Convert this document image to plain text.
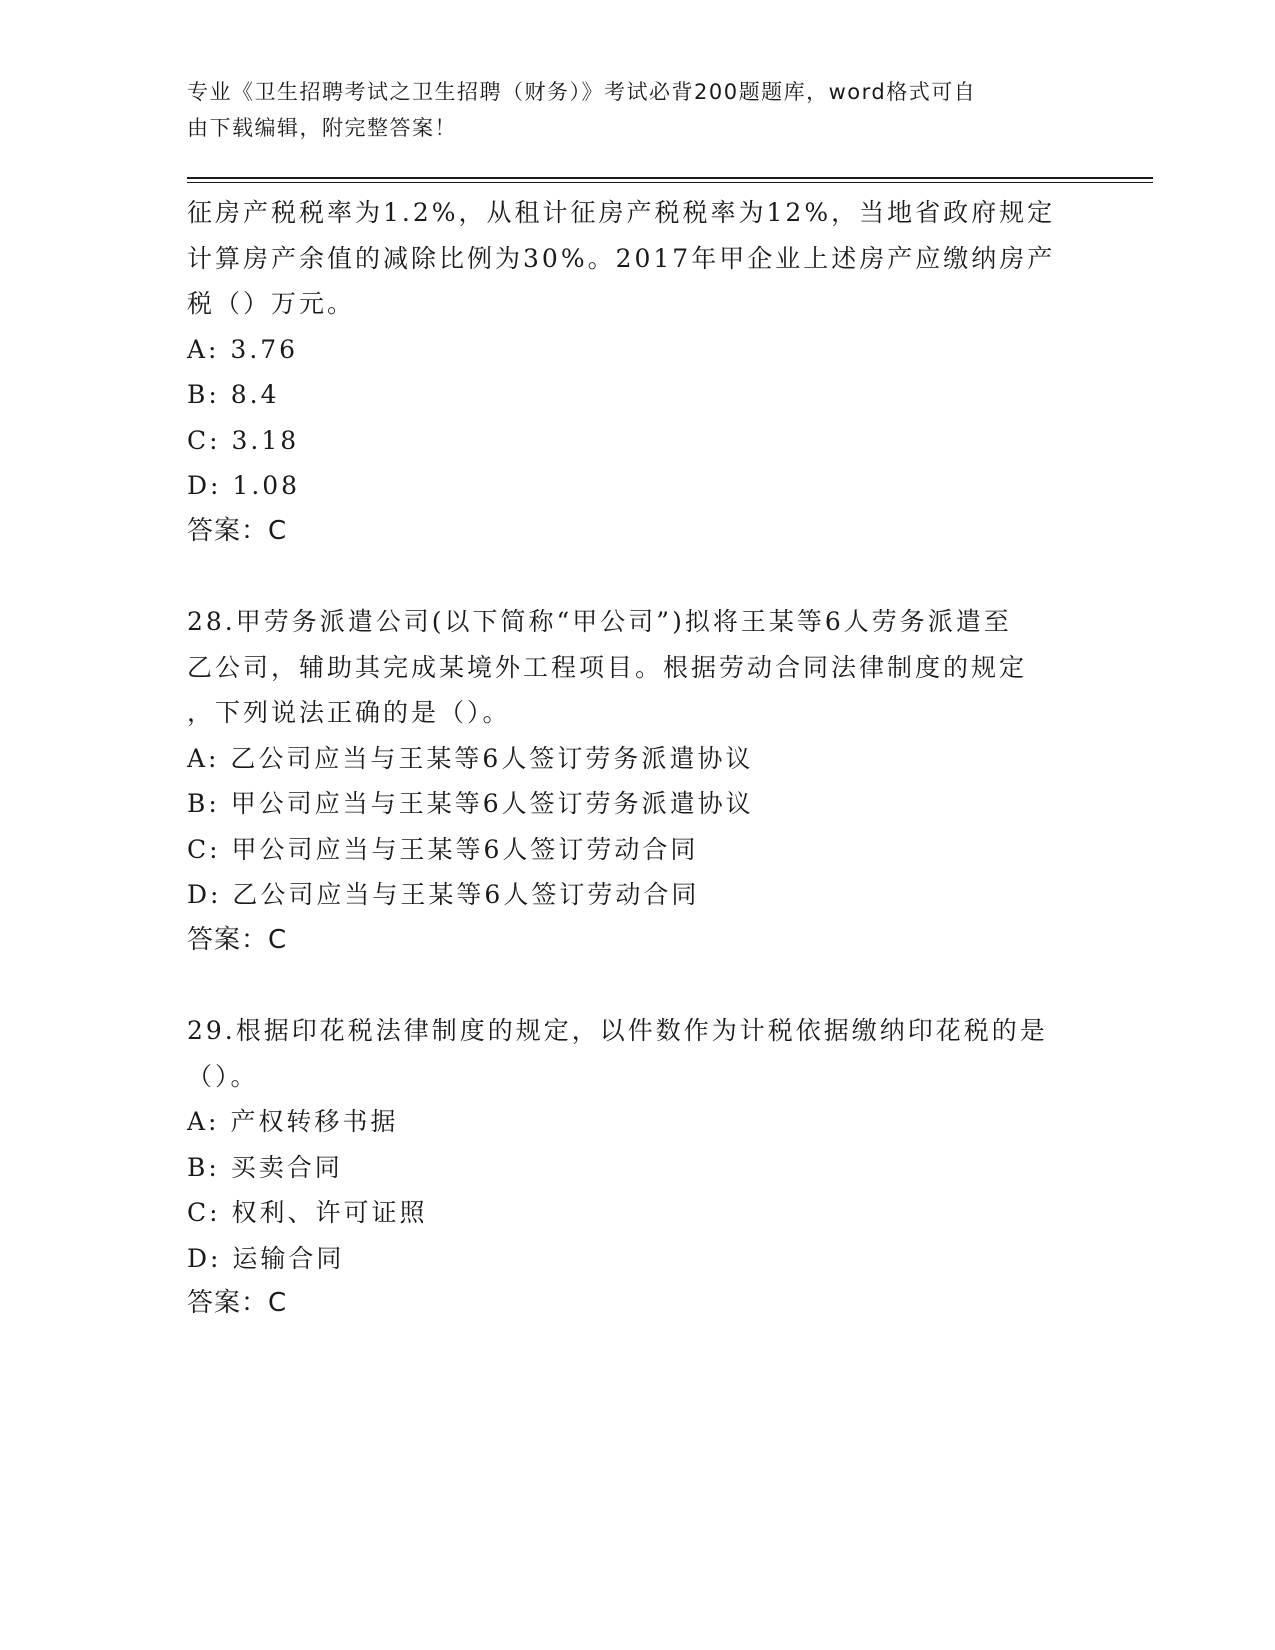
专业《卫生招聘考试之卫生招聘（财务）》考试必背200题题库，word格式可自
由下载编辑，附完整答案！
征房产税税率为1.2%，从租计征房产税税率为12%，当地省政府规定
计算房产余值的减除比例为30%。2017年甲企业上述房产应缴纳房产
税（）万元。
A: 3.76
B: 8.4
C: 3.18
D: 1.08
答案：C
28.甲劳务派遣公司(以下简称“甲公司”)拟将王某等6人劳务派遣至
乙公司，辅助其完成某境外工程项目。根据劳动合同法律制度的规定
，下列说法正确的是（）。
A: 乙公司应当与王某等6人签订劳务派遣协议
B: 甲公司应当与王某等6人签订劳务派遣协议
C: 甲公司应当与王某等6人签订劳动合同
D: 乙公司应当与王某等6人签订劳动合同
答案：C
29.根据印花税法律制度的规定，以件数作为计税依据缴纳印花税的是
（）。
A: 产权转移书据
B: 买卖合同
C: 权利、许可证照
D: 运输合同
答案：C
